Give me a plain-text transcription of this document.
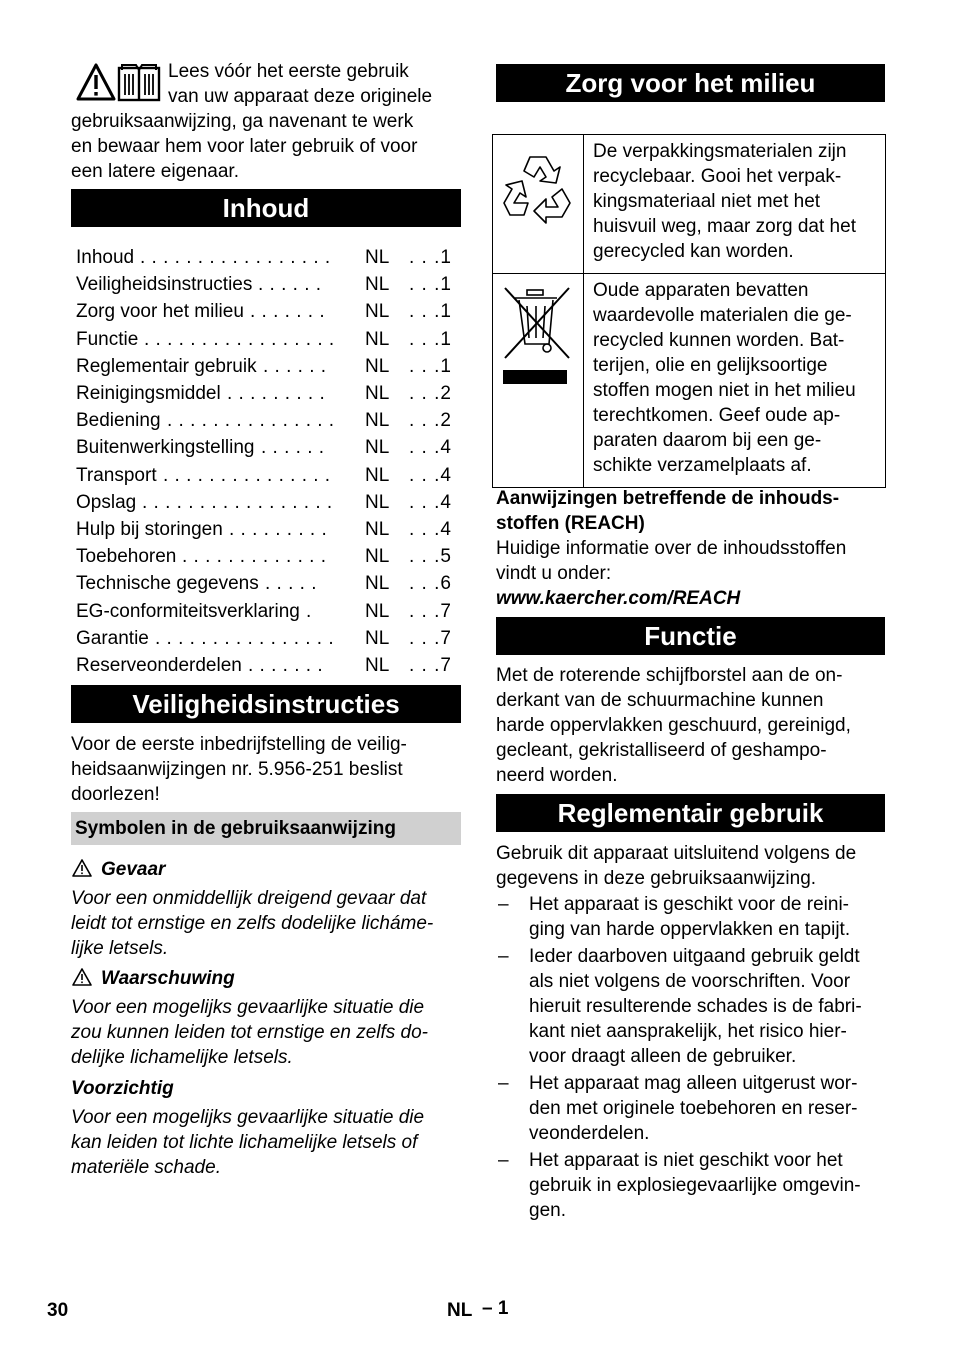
Lees vóór het eerste gebruik

van uw apparaat deze originele

gebruiksaanwijzing, ga navenant te werk

en bewaar hem voor later gebruik of voor

een latere eigenaar.

Inhoud
Inhoud . . . . . . . . . . . . . . . . . NL . . .1
Veiligheidsinstructies . . . . . . NL . . .1
Zorg voor het milieu . . . . . . . NL . . .1
Functie . . . . . . . . . . . . . . . . . NL . . .1
Reglementair gebruik . . . . . . NL . . .1
Reinigingsmiddel . . . . . . . . . NL . . .2
Bediening . . . . . . . . . . . . . . . NL . . .2
Buitenwerkingstelling . . . . . . NL . . .4
Transport . . . . . . . . . . . . . . . NL . . .4
Opslag . . . . . . . . . . . . . . . . . NL . . .4
Hulp bij storingen . . . . . . . . . NL . . .4
Toebehoren . . . . . . . . . . . . . NL . . .5
Technische gegevens . . . . .	NL . . .6
EG-conformiteitsverklaring .	NL . . .7
Garantie . . . . . . . . . . . . . . . . NL . . .7
Reserveonderdelen . . . . . . . NL . . .7
Veiligheidsinstructies

Voor de eerste inbedrijfstelling de veilig-

heidsaanwijzingen nr. 5.956-251 beslist

doorlezen!

Symbolen in de gebruiksaanwijzing
Gevaar

Voor een onmiddellijk dreigend gevaar dat

leidt tot ernstige en zelfs dodelijke licháme-

lijke letsels.

Waarschuwing

Voor een mogelijks gevaarlijke situatie die

zou kunnen leiden tot ernstige en zelfs do-

delijke lichamelijke letsels.

Voorzichtig

Voor een mogelijks gevaarlijke situatie die

kan leiden tot lichte lichamelijke letsels of

materiële schade.

Zorg voor het milieu

De verpakkingsmaterialen zijn

recyclebaar. Gooi het verpak-

kingsmateriaal niet met het

huisvuil weg, maar zorg dat het

gerecycled kan worden.

Oude apparaten bevatten

waardevolle materialen die ge-

recycled kunnen worden. Bat-

terijen, olie en gelijksoortige

stoffen mogen niet in het milieu

terechtkomen. Geef oude ap-

paraten daarom bij een ge-

schikte verzamelplaats af.

Aanwijzingen betreffende de inhouds-

stoffen (REACH)

Huidige informatie over de inhoudsstoffen

vindt u onder:

www.kaercher.com/REACH

Functie

Met de roterende schijfborstel aan de on-

derkant van de schuurmachine kunnen

harde oppervlakken geschuurd, gereinigd,

gecleant, gekristalliseerd of geshampo-

neerd worden.

Reglementair gebruik

Gebruik dit apparaat uitsluitend volgens de

gegevens in deze gebruiksaanwijzing.

– Het apparaat is geschikt voor de reini-

ging van harde oppervlakken en tapijt.

– Ieder daarboven uitgaand gebruik geldt

als niet volgens de voorschriften. Voor

hieruit resulterende schades is de fabri-

kant niet aansprakelijk, het risico hier-

voor draagt alleen de gebruiker.

– Het apparaat mag alleen uitgerust wor-

den met originele toebehoren en reser-

veonderdelen.

– Het apparaat is niet geschikt voor het

gebruik in explosiegevaarlijke omgevin-

gen.

30	NL – 1
